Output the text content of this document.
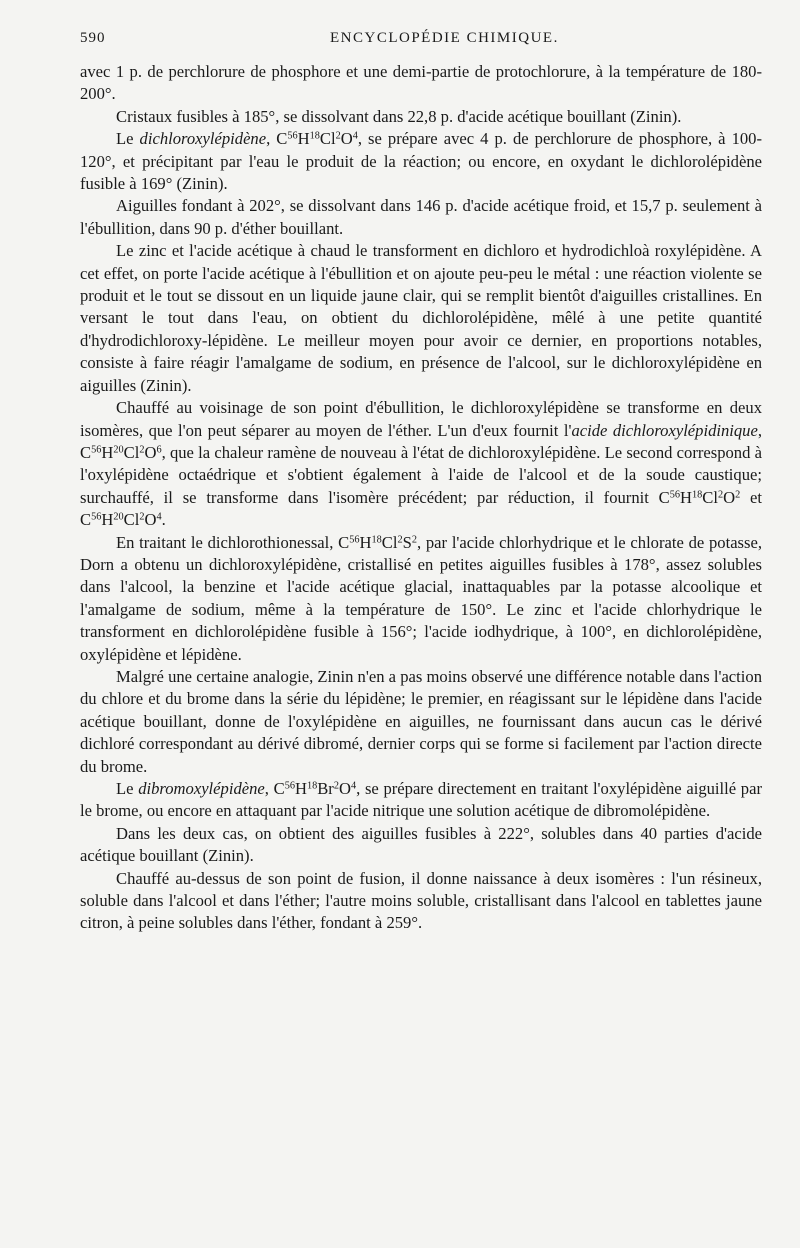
590	ENCYCLOPÉDIE CHIMIQUE.

avec 1 p. de perchlorure de phosphore et une demi-partie de protochlorure, à la température de 180-200°.

Cristaux fusibles à 185°, se dissolvant dans 22,8 p. d'acide acétique bouillant (Zinin).

Le dichloroxylépidène, $C^{56}H^{18}Cl^2O^4$, se prépare avec 4 p. de perchlorure de phosphore, à 100-120°, et précipitant par l'eau le produit de la réaction; ou encore, en oxydant le dichlorolépidène fusible à 169° (Zinin).

Aiguilles fondant à 202°, se dissolvant dans 146 p. d'acide acétique froid, et 15,7 p. seulement à l'ébullition, dans 90 p. d'éther bouillant.

Le zinc et l'acide acétique à chaud le transforment en dichloro et hydrodichloà roxylépidène. A cet effet, on porte l'acide acétique à l'ébullition et on ajoute peu-peu le métal : une réaction violente se produit et le tout se dissout en un liquide jaune clair, qui se remplit bientôt d'aiguilles cristallines. En versant le tout dans l'eau, on obtient du dichlorolépidène, mêlé à une petite quantité d'hydrodichloroxy-lépidène. Le meilleur moyen pour avoir ce dernier, en proportions notables, consiste à faire réagir l'amalgame de sodium, en présence de l'alcool, sur le dichloroxylépidène en aiguilles (Zinin).

Chauffé au voisinage de son point d'ébullition, le dichloroxylépidène se transforme en deux isomères, que l'on peut séparer au moyen de l'éther. L'un d'eux fournit l'acide dichloroxylépidinique, $C^{56}H^{20}Cl^2O^6$, que la chaleur ramène de nouveau à l'état de dichloroxylépidène. Le second correspond à l'oxylépidène octaédrique et s'obtient également à l'aide de l'alcool et de la soude caustique; surchauffé, il se transforme dans l'isomère précédent; par réduction, il fournit $C^{56}H^{18}Cl^2O^2$ et $C^{56}H^{20}Cl^2O^4$.

En traitant le dichlorothionessal, $C^{56}H^{18}Cl^2S^2$, par l'acide chlorhydrique et le chlorate de potasse, Dorn a obtenu un dichloroxylépidène, cristallisé en petites aiguilles fusibles à 178°, assez solubles dans l'alcool, la benzine et l'acide acétique glacial, inattaquables par la potasse alcoolique et l'amalgame de sodium, même à la température de 150°. Le zinc et l'acide chlorhydrique le transforment en dichlorolépidène fusible à 156°; l'acide iodhydrique, à 100°, en dichlorolépidène, oxylépidène et lépidène.

Malgré une certaine analogie, Zinin n'en a pas moins observé une différence notable dans l'action du chlore et du brome dans la série du lépidène; le premier, en réagissant sur le lépidène dans l'acide acétique bouillant, donne de l'oxylépidène en aiguilles, ne fournissant dans aucun cas le dérivé dichloré correspondant au dérivé dibromé, dernier corps qui se forme si facilement par l'action directe du brome.

Le dibromoxylépidène, $C^{56}H^{18}Br^2O^4$, se prépare directement en traitant l'oxylépidène aiguillé par le brome, ou encore en attaquant par l'acide nitrique une solution acétique de dibromolépidène.

Dans les deux cas, on obtient des aiguilles fusibles à 222°, solubles dans 40 parties d'acide acétique bouillant (Zinin).

Chauffé au-dessus de son point de fusion, il donne naissance à deux isomères : l'un résineux, soluble dans l'alcool et dans l'éther; l'autre moins soluble, cristallisant dans l'alcool en tablettes jaune citron, à peine solubles dans l'éther, fondant à 259°.
